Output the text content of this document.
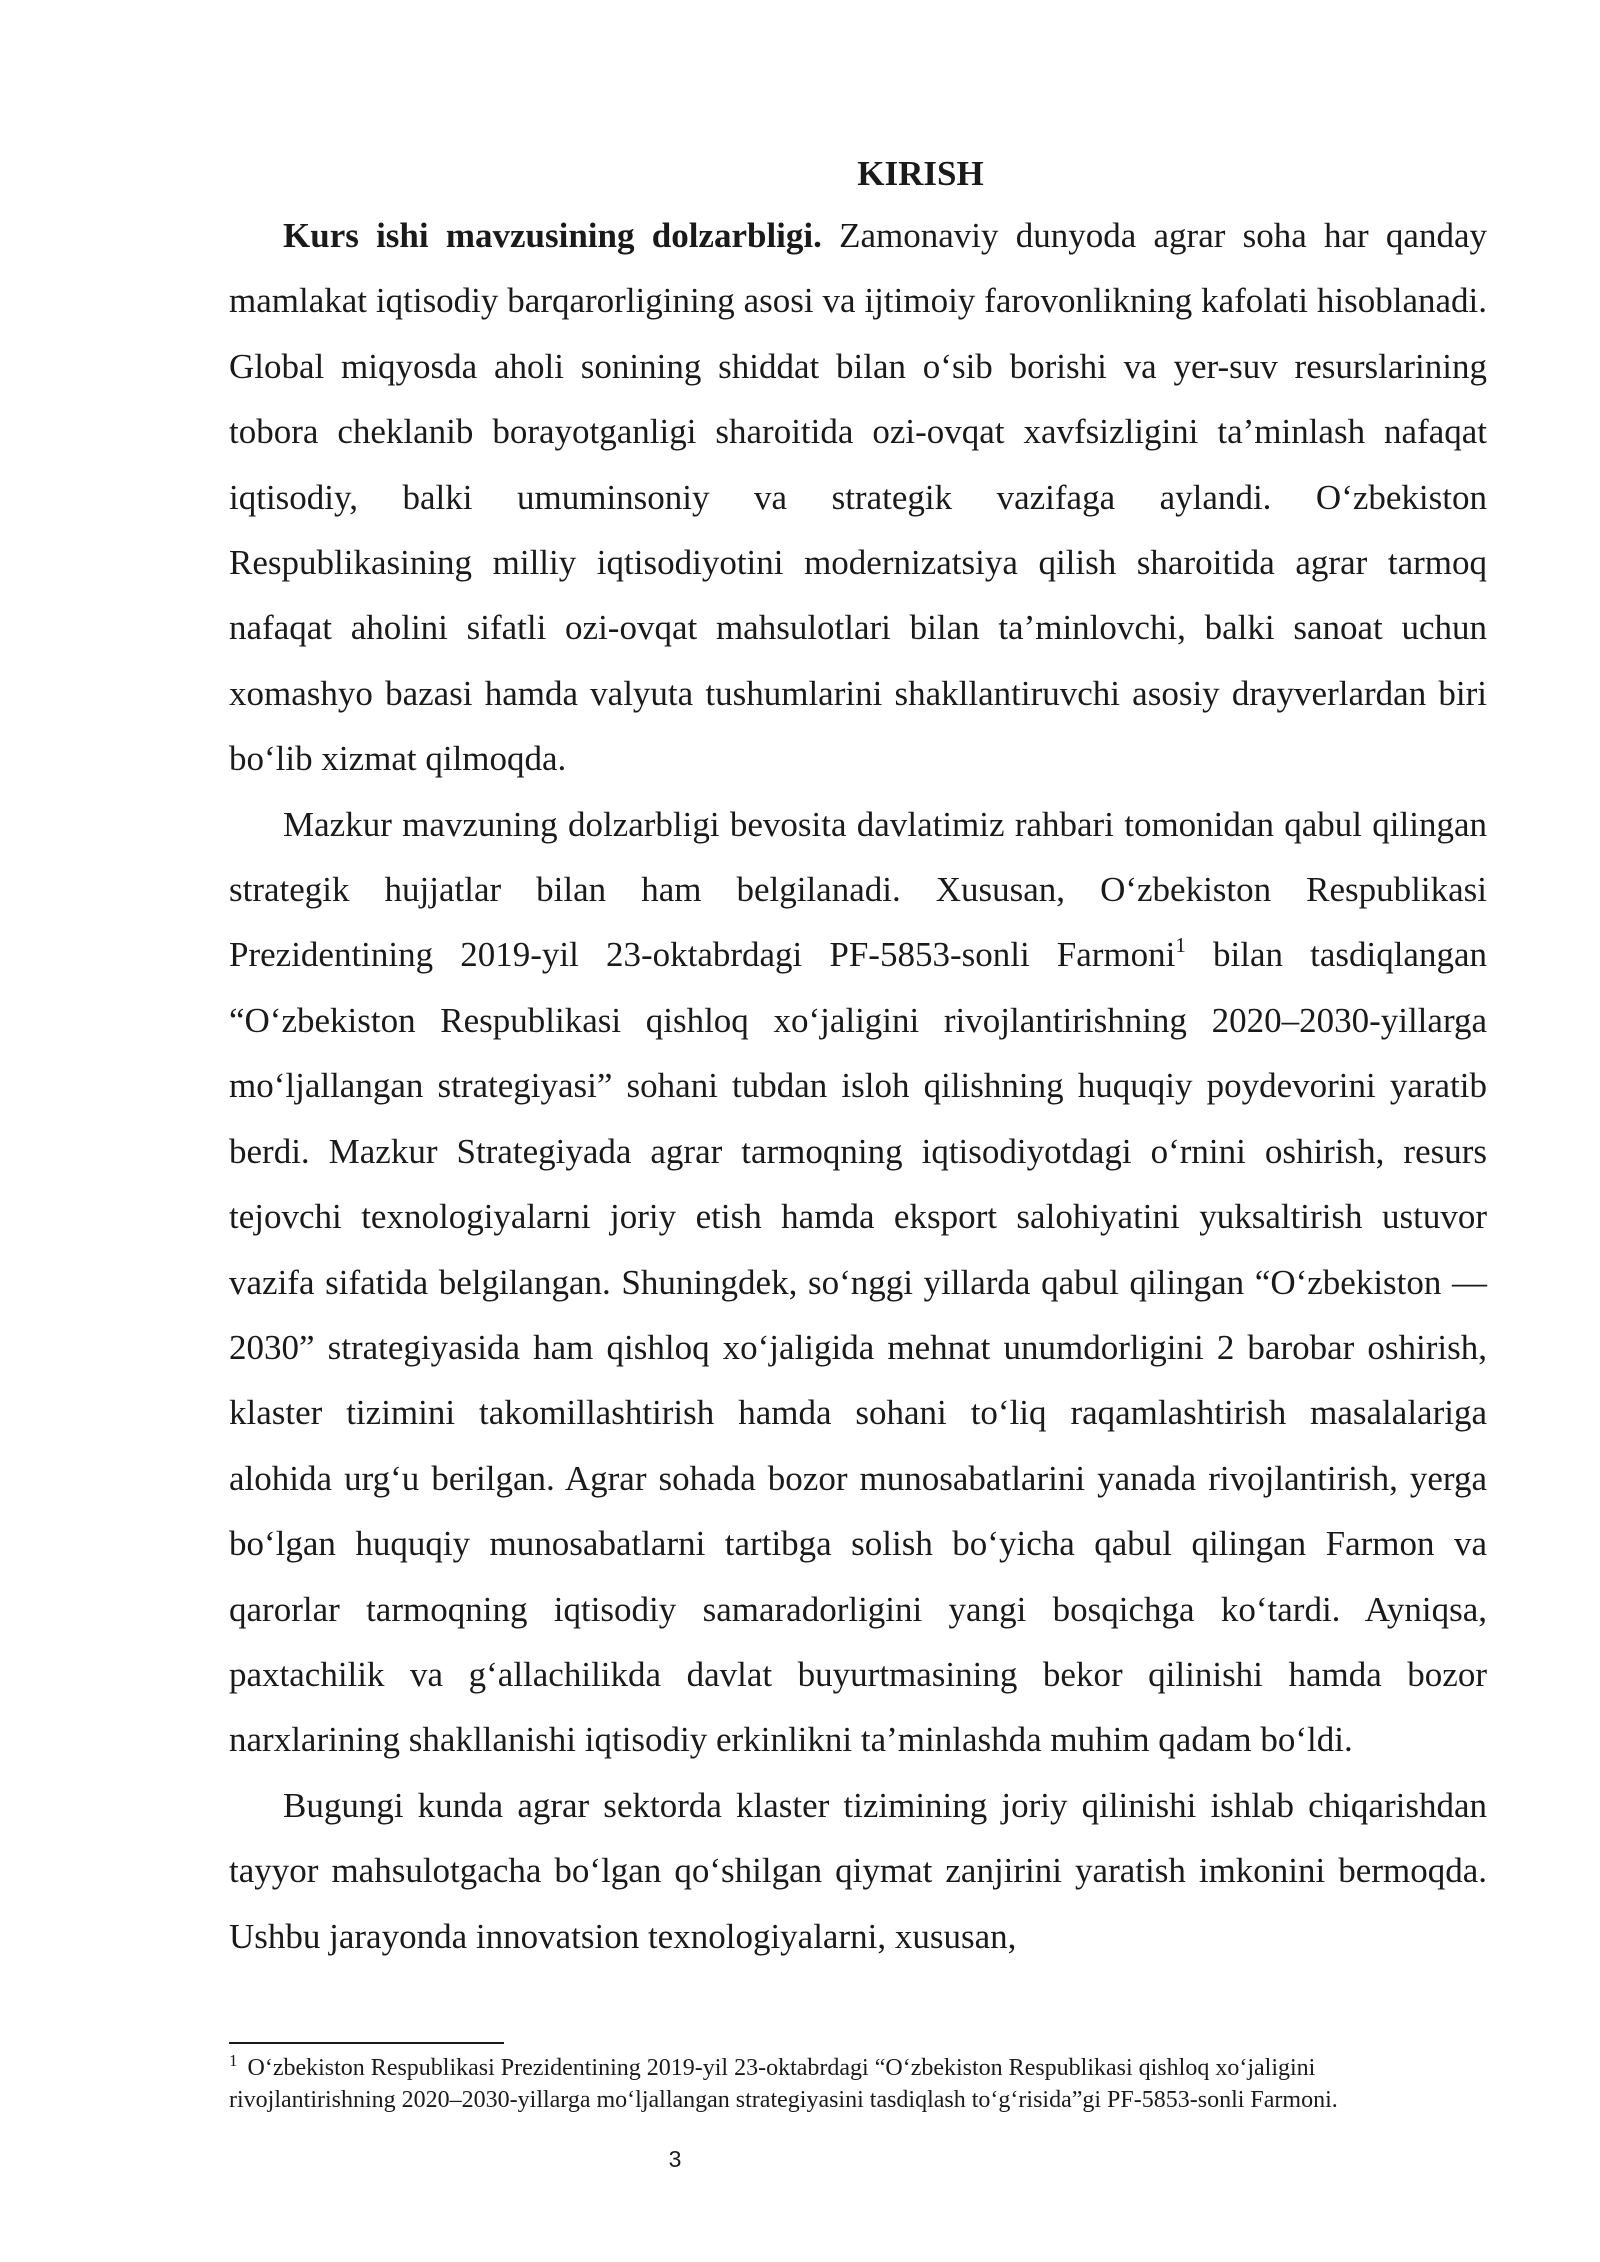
KIRISH

Kurs ishi mavzusining dolzarbligi. Zamonaviy dunyoda agrar soha har qanday mamlakat iqtisodiy barqarorligining asosi va ijtimoiy farovonlikning kafolati hisoblanadi. Global miqyosda aholi sonining shiddat bilan o‘sib borishi va yer-suv resurslarining tobora cheklanib borayotganligi sharoitida ozi-ovqat xavfsizligini ta’minlash nafaqat iqtisodiy, balki umuminsoniy va strategik vazifaga aylandi. O‘zbekiston Respublikasining milliy iqtisodiyotini modernizatsiya qilish sharoitida agrar tarmoq nafaqat aholini sifatli ozi-ovqat mahsulotlari bilan ta’minlovchi, balki sanoat uchun xomashyo bazasi hamda valyuta tushumlarini shakllantiruvchi asosiy drayverlardan biri bo‘lib xizmat qilmoqda.

Mazkur mavzuning dolzarbligi bevosita davlatimiz rahbari tomonidan qabul qilingan strategik hujjatlar bilan ham belgilanadi. Xususan, O‘zbekiston Respublikasi Prezidentining 2019-yil 23-oktabrdagi PF-5853-sonli Farmoni$^1$ bilan tasdiqlangan “O‘zbekiston Respublikasi qishloq xo‘jaligini rivojlantirishning 2020–2030-yillarga mo‘ljallangan strategiyasi” sohani tubdan isloh qilishning huquqiy poydevorini yaratib berdi. Mazkur Strategiyada agrar tarmoqning iqtisodiyotdagi o‘rnini oshirish, resurs tejovchi texnologiyalarni joriy etish hamda eksport salohiyatini yuksaltirish ustuvor vazifa sifatida belgilangan. Shuningdek, so‘nggi yillarda qabul qilingan “O‘zbekiston — 2030” strategiyasida ham qishloq xo‘jaligida mehnat unumdorligini 2 barobar oshirish, klaster tizimini takomillashtirish hamda sohani to‘liq raqamlashtirish masalalariga alohida urg‘u berilgan. Agrar sohada bozor munosabatlarini yanada rivojlantirish, yerga bo‘lgan huquqiy munosabatlarni tartibga solish bo‘yicha qabul qilingan Farmon va qarorlar tarmoqning iqtisodiy samaradorligini yangi bosqichga ko‘tardi. Ayniqsa, paxtachilik va g‘allachilikda davlat buyurtmasining bekor qilinishi hamda bozor narxlarining shakllanishi iqtisodiy erkinlikni ta’minlashda muhim qadam bo‘ldi.

Bugungi kunda agrar sektorda klaster tizimining joriy qilinishi ishlab chiqarishdan tayyor mahsulotgacha bo‘lgan qo‘shilgan qiymat zanjirini yaratish imkonini bermoqda. Ushbu jarayonda innovatsion texnologiyalarni, xususan,

$^1$ O‘zbekiston Respublikasi Prezidentining 2019-yil 23-oktabrdagi “O‘zbekiston Respublikasi qishloq xo‘jaligini rivojlantirishning 2020–2030-yillarga mo‘ljallangan strategiyasini tasdiqlash to‘g‘risida”gi PF-5853-sonli Farmoni.

3
